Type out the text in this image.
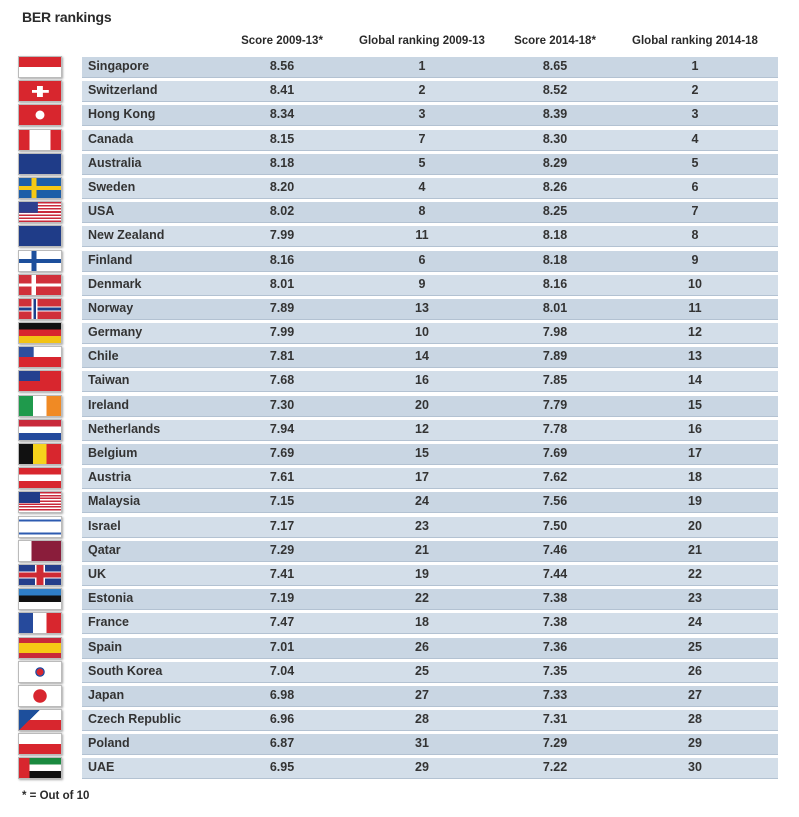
BER rankings
Score 2009-13*	Global ranking 2009-13	Score 2014-18*	Global ranking 2014-18
Singapore	8.56	1	8.65	1
Switzerland	8.41	2	8.52	2
Hong Kong	8.34	3	8.39	3
Canada	8.15	7	8.30	4
Australia	8.18	5	8.29	5
Sweden	8.20	4	8.26	6
USA	8.02	8	8.25	7
New Zealand	7.99	11	8.18	8
Finland	8.16	6	8.18	9
Denmark	8.01	9	8.16	10
Norway	7.89	13	8.01	11
Germany	7.99	10	7.98	12
Chile	7.81	14	7.89	13
Taiwan	7.68	16	7.85	14
Ireland	7.30	20	7.79	15
Netherlands	7.94	12	7.78	16
Belgium	7.69	15	7.69	17
Austria	7.61	17	7.62	18
Malaysia	7.15	24	7.56	19
Israel	7.17	23	7.50	20
Qatar	7.29	21	7.46	21
UK	7.41	19	7.44	22
Estonia	7.19	22	7.38	23
France	7.47	18	7.38	24
Spain	7.01	26	7.36	25
South Korea	7.04	25	7.35	26
Japan	6.98	27	7.33	27
Czech Republic	6.96	28	7.31	28
Poland	6.87	31	7.29	29
UAE	6.95	29	7.22	30
* = Out of 10
